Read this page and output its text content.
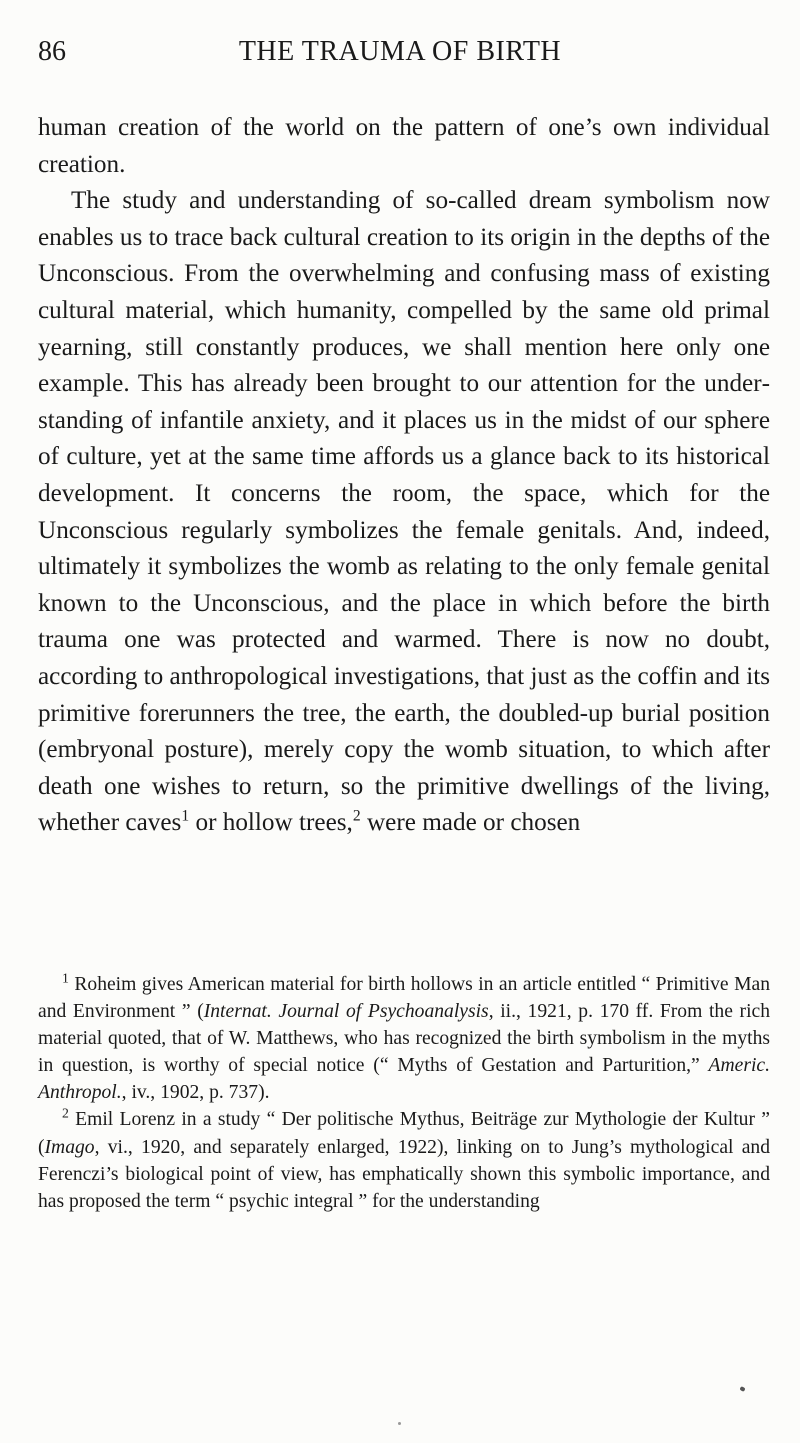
86	THE TRAUMA OF BIRTH

human creation of the world on the pattern of one’s own individual creation.

The study and understanding of so-called dream symbolism now enables us to trace back cultural creation to its origin in the depths of the Unconscious. From the overwhelming and confusing mass of existing cultural material, which humanity, compelled by the same old primal yearning, still constantly produces, we shall mention here only one example. This has already been brought to our attention for the understanding of infantile anxiety, and it places us in the midst of our sphere of culture, yet at the same time affords us a glance back to its historical development. It concerns the room, the space, which for the Unconscious regularly symbolizes the female genitals. And, indeed, ultimately it symbolizes the womb as relating to the only female genital known to the Unconscious, and the place in which before the birth trauma one was protected and warmed. There is now no doubt, according to anthropological investigations, that just as the coffin and its primitive forerunners the tree, the earth, the doubled-up burial position (embryonal posture), merely copy the womb situation, to which after death one wishes to return, so the primitive dwellings of the living, whether caves$^1$ or hollow trees,$^2$ were made or chosen

$^1$ Roheim gives American material for birth hollows in an article entitled “ Primitive Man and Environment ” (Internat. Journal of Psychoanalysis, ii., 1921, p. 170 ff. From the rich material quoted, that of W. Matthews, who has recognized the birth symbolism in the myths in question, is worthy of special notice (“ Myths of Gestation and Parturition,” Americ. Anthropol., iv., 1902, p. 737).

$^2$ Emil Lorenz in a study “ Der politische Mythus, Beiträge zur Mythologie der Kultur ” (Imago, vi., 1920, and separately enlarged, 1922), linking on to Jung’s mythological and Ferenczi’s biological point of view, has emphatically shown this symbolic importance, and has proposed the term “ psychic integral ” for the understanding
